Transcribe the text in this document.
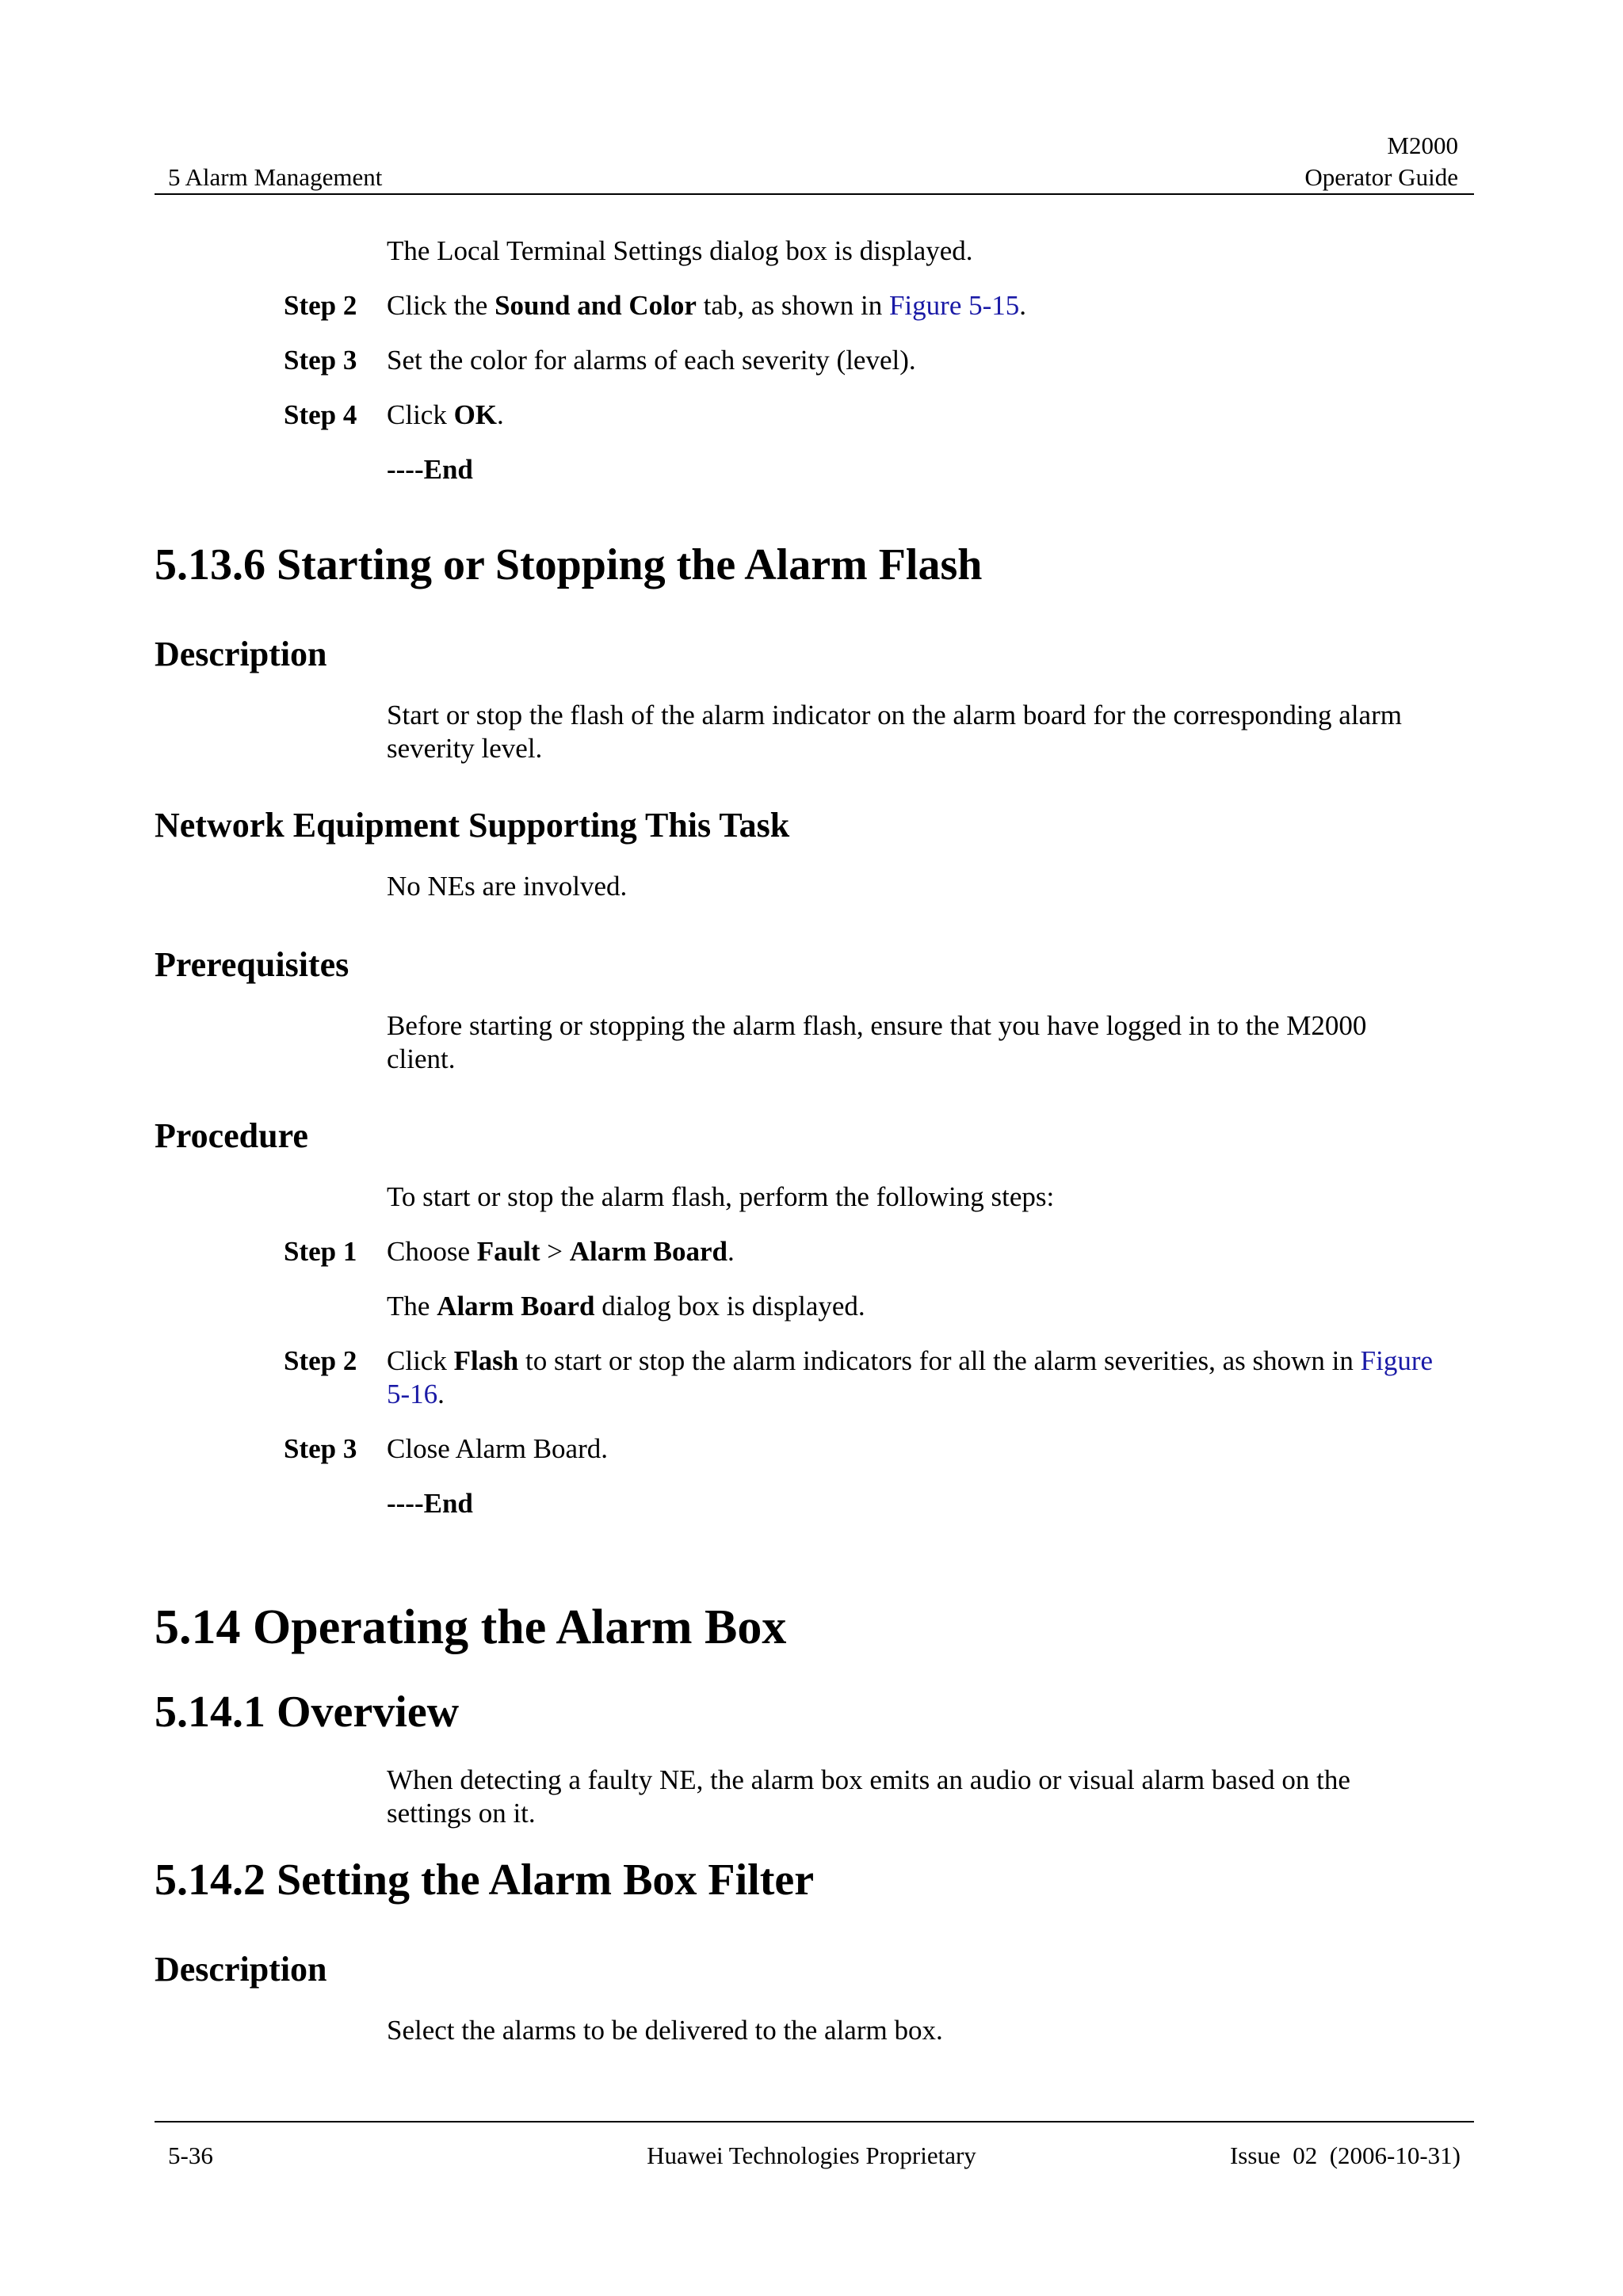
5 Alarm Management
M2000
Operator Guide
The Local Terminal Settings dialog box is displayed.
Step 2 Click the Sound and Color tab, as shown in Figure 5-15.
Step 3 Set the color for alarms of each severity (level).
Step 4 Click OK.
----End
5.13.6 Starting or Stopping the Alarm Flash
Description
Start or stop the flash of the alarm indicator on the alarm board for the corresponding alarm
severity level.
Network Equipment Supporting This Task
No NEs are involved.
Prerequisites
Before starting or stopping the alarm flash, ensure that you have logged in to the M2000
client.
Procedure
To start or stop the alarm flash, perform the following steps:
Step 1 Choose Fault > Alarm Board.
The Alarm Board dialog box is displayed.
Step 2 Click Flash to start or stop the alarm indicators for all the alarm severities, as shown in Figure
5-16.
Step 3 Close Alarm Board.
----End
5.14 Operating the Alarm Box
5.14.1 Overview
When detecting a faulty NE, the alarm box emits an audio or visual alarm based on the
settings on it.
5.14.2 Setting the Alarm Box Filter
Description
Select the alarms to be delivered to the alarm box.
5-36	Huawei Technologies Proprietary	Issue  02  (2006-10-31)
